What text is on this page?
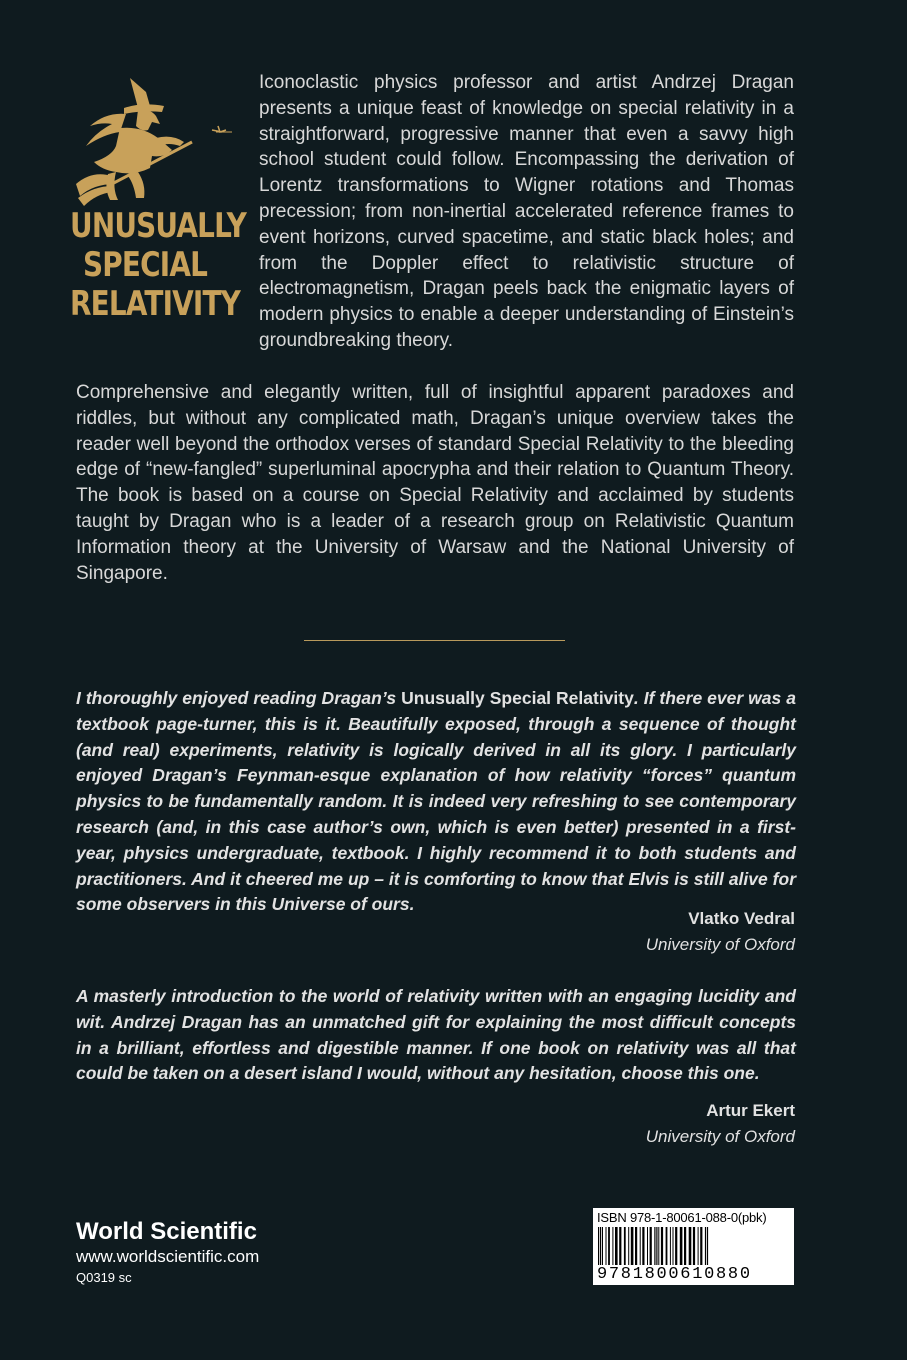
UNUSUALLY
SPECIAL
RELATIVITY

Iconoclastic physics professor and artist Andrzej Dragan presents a unique feast of knowledge on special relativity in a straightforward, progressive manner that even a savvy high school student could follow. Encompassing the derivation of Lorentz transformations to Wigner rotations and Thomas precession; from non-inertial accelerated reference frames to event horizons, curved spacetime, and static black holes; and from the Doppler effect to relativistic structure of electromagnetism, Dragan peels back the enigmatic layers of modern physics to enable a deeper understanding of Einstein’s groundbreaking theory.

Comprehensive and elegantly written, full of insightful apparent paradoxes and riddles, but without any complicated math, Dragan’s unique overview takes the reader well beyond the orthodox verses of standard Special Relativity to the bleeding edge of “new-fangled” superluminal apocrypha and their relation to Quantum Theory. The book is based on a course on Special Relativity and acclaimed by students taught by Dragan who is a leader of a research group on Relativistic Quantum Information theory at the University of Warsaw and the National University of Singapore.

I thoroughly enjoyed reading Dragan’s Unusually Special Relativity. If there ever was a textbook page-turner, this is it. Beautifully exposed, through a sequence of thought (and real) experiments, relativity is logically derived in all its glory. I particularly enjoyed Dragan’s Feynman-esque explanation of how relativity “forces” quantum physics to be fundamentally random. It is indeed very refreshing to see contemporary research (and, in this case author’s own, which is even better) presented in a first-year, physics undergraduate, textbook. I highly recommend it to both students and practitioners. And it cheered me up – it is comforting to know that Elvis is still alive for some observers in this Universe of ours.

Vlatko Vedral
University of Oxford

A masterly introduction to the world of relativity written with an engaging lucidity and wit. Andrzej Dragan has an unmatched gift for explaining the most difficult concepts in a brilliant, effortless and digestible manner. If one book on relativity was all that could be taken on a desert island I would, without any hesitation, choose this one.

Artur Ekert
University of Oxford
World Scientific
www.worldscientific.com
Q0319 sc
ISBN 978-1-80061-088-0(pbk)
9781800610880
